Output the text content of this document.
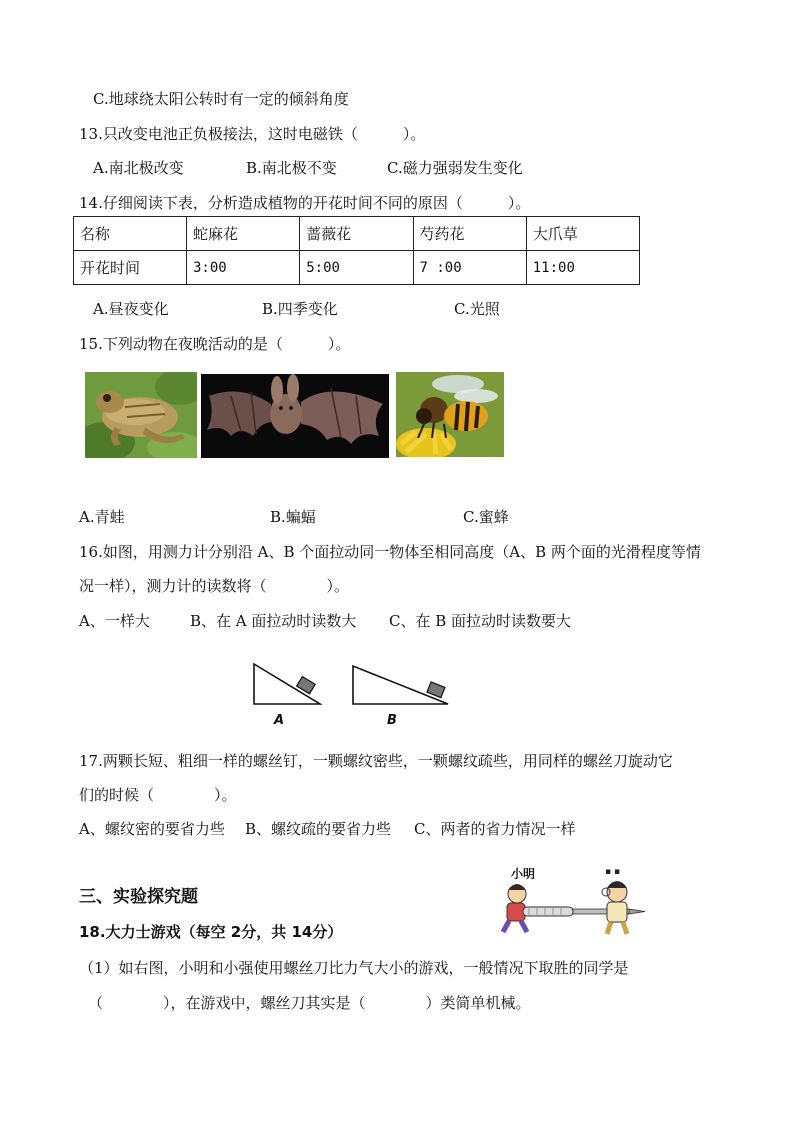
C.地球绕太阳公转时有一定的倾斜角度
13.只改变电池正负极接法，这时电磁铁（　　　）。
A.南北极改变	B.南北极不变	C.磁力强弱发生变化
14.仔细阅读下表，分析造成植物的开花时间不同的原因（　　　）。
名称	蛇麻花	蔷薇花	芍药花	大爪草
开花时间	3:00	5:00	7 :00	11:00
A.昼夜变化	B.四季变化	C.光照
15.下列动物在夜晚活动的是（　　　）。
A.青蛙	B.蝙蝠	C.蜜蜂
16.如图，用测力计分别沿 A、B 个面拉动同一物体至相同高度（A、B 两个面的光滑程度等情
况一样），测力计的读数将（　　　　）。
A、一样大	B、在 A 面拉动时读数大 C、在 B 面拉动时读数要大
A	B
17.两颗长短、粗细一样的螺丝钉，一颗螺纹密些，一颗螺纹疏些，用同样的螺丝刀旋动它
们的时候（　　　　）。
A、螺纹密的要省力些 B、螺纹疏的要省力些 C、两者的省力情况一样
三、实验探究题
小明	▪ ▪
18.大力士游戏（每空 2分，共 14分）
（1）如右图，小明和小强使用螺丝刀比力气大小的游戏，一般情况下取胜的同学是
（　　　　），在游戏中，螺丝刀其实是（　　　　）类简单机械。
